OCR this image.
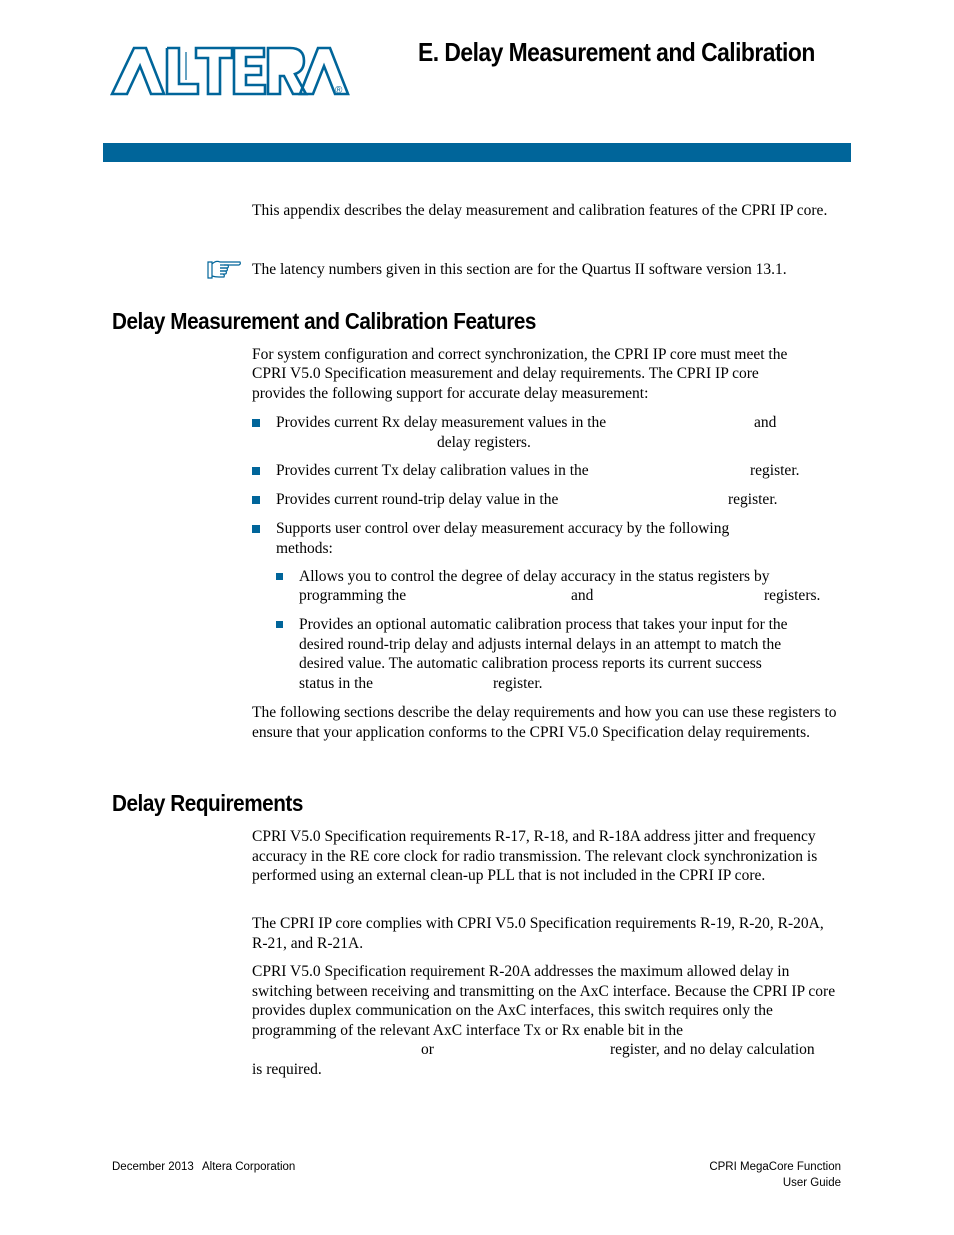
®
E. Delay Measurement and Calibration

This appendix describes the delay measurement and calibration features of the CPRI IP core.

The latency numbers given in this section are for the Quartus II software version 13.1.

Delay Measurement and Calibration Features

For system configuration and correct synchronization, the CPRI IP core must meet the

CPRI V5.0 Specification measurement and delay requirements. The CPRI IP core

provides the following support for accurate delay measurement:

Provides current Rx delay measurement values in the	and

delay registers.

Provides current Tx delay calibration values in the	register.

Provides current round-trip delay value in the	register.

Supports user control over delay measurement accuracy by the following

methods:

Allows you to control the degree of delay accuracy in the status registers by

programming the	and	registers.

Provides an optional automatic calibration process that takes your input for the

desired round-trip delay and adjusts internal delays in an attempt to match the

desired value. The automatic calibration process reports its current success

status in the	register.

The following sections describe the delay requirements and how you can use these registers to ensure that your application conforms to the CPRI V5.0 Specification delay requirements.

Delay Requirements

CPRI V5.0 Specification requirements R-17, R-18, and R-18A address jitter and frequency accuracy in the RE core clock for radio transmission. The relevant clock synchronization is performed using an external clean-up PLL that is not included in the CPRI IP core.

The CPRI IP core complies with CPRI V5.0 Specification requirements R-19, R-20, R-20A, R-21, and R-21A.

CPRI V5.0 Specification requirement R-20A addresses the maximum allowed delay in switching between receiving and transmitting on the AxC interface. Because the CPRI IP core provides duplex communication on the AxC interfaces, this switch requires only the programming of the relevant AxC interface Tx or Rx enable bit in the

or	register, and no delay calculation

is required.

December 2013 Altera Corporation	CPRI MegaCore Function

User Guide
